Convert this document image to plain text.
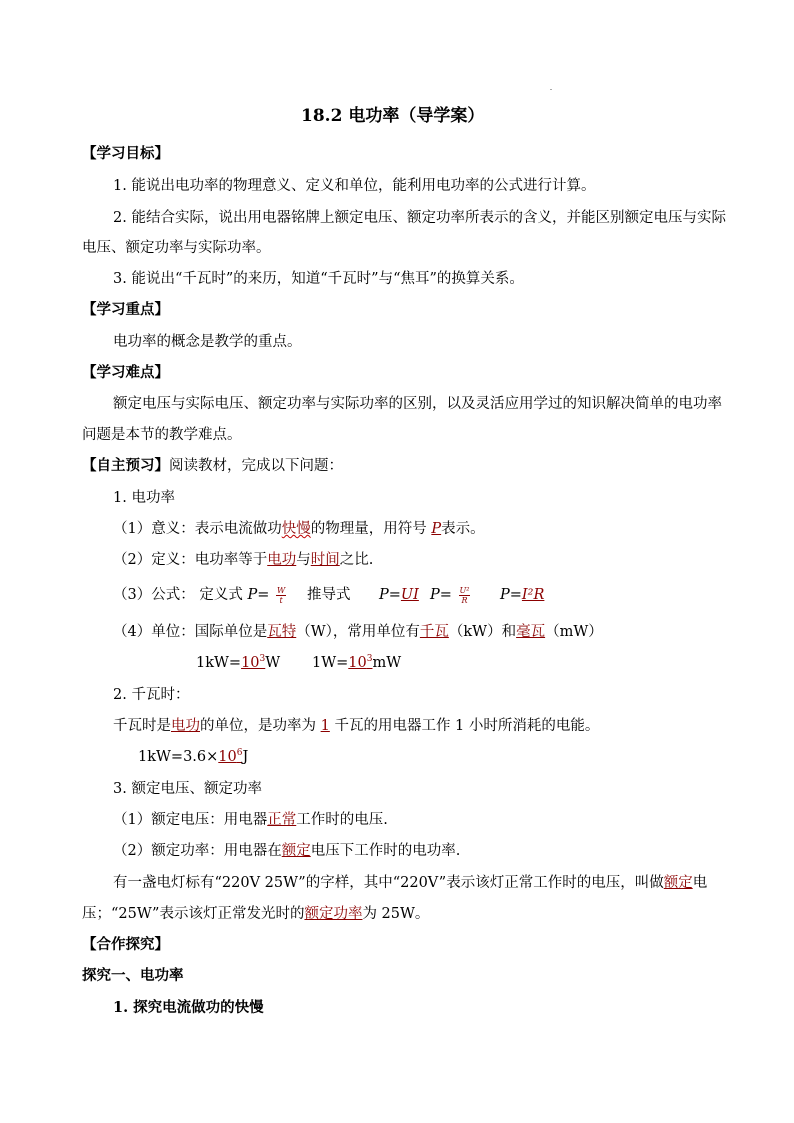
18.2 电功率（导学案）
【学习目标】
1. 能说出电功率的物理意义、定义和单位，能利用电功率的公式进行计算。
2. 能结合实际，说出用电器铭牌上额定电压、额定功率所表示的含义，并能区别额定电压与实际
电压、额定功率与实际功率。
3. 能说出“千瓦时”的来历，知道“千瓦时”与“焦耳”的换算关系。
【学习重点】
电功率的概念是教学的重点。
【学习难点】
额定电压与实际电压、额定功率与实际功率的区别，以及灵活应用学过的知识解决简单的电功率
问题是本节的教学难点。
【自主预习】阅读教材，完成以下问题：
1. 电功率
（1）意义：表示电流做功快慢的物理量，用符号 P表示。
（2）定义：电功率等于电功与时间之比.
（3）公式： 定义式 $P= \frac{W}{t}$ 推导式 P=UI $P= \frac{\text{U²}}{R} P=I^2R$
（4）单位：国际单位是瓦特（W），常用单位有千瓦（kW）和毫瓦（mW）
$1kW=10^3W$ $1W=10^3mW$
2. 千瓦时：
千瓦时是电功的单位，是功率为 1 千瓦的用电器工作 1 小时所消耗的电能。
$1kW=3.6\times 10^6J$
3. 额定电压、额定功率
（1）额定电压：用电器正常工作时的电压.
（2）额定功率：用电器在额定电压下工作时的电功率.
有一盏电灯标有“220V 25W”的字样，其中“220V”表示该灯正常工作时的电压，叫做额定电
压；“25W”表示该灯正常发光时的额定功率为 25W。
【合作探究】
探究一、电功率
1. 探究电流做功的快慢
